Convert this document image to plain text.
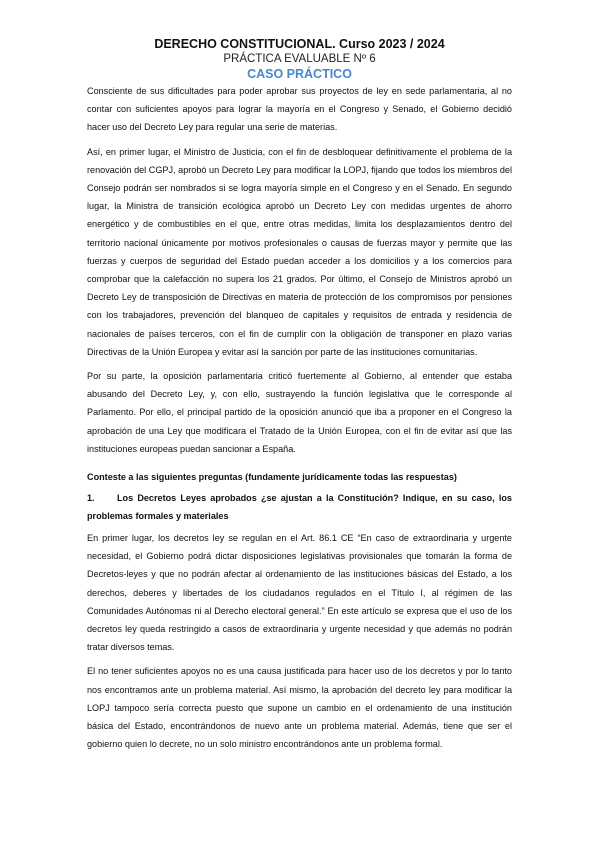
DERECHO CONSTITUCIONAL. Curso 2023 / 2024

PRÁCTICA EVALUABLE Nº 6

CASO PRÁCTICO

Consciente de sus dificultades para poder aprobar sus proyectos de ley en sede parlamentaria, al no contar con suficientes apoyos para lograr la mayoría en el Congreso y Senado, el Gobierno decidió hacer uso del Decreto Ley para regular una serie de materias.

Así, en primer lugar, el Ministro de Justicia, con el fin de desbloquear definitivamente el problema de la renovación del CGPJ, aprobó un Decreto Ley para modificar la LOPJ, fijando que todos los miembros del Consejo podrán ser nombrados si se logra mayoría simple en el Congreso y en el Senado. En segundo lugar, la Ministra de transición ecológica aprobó un Decreto Ley con medidas urgentes de ahorro energético y de combustibles en el que, entre otras medidas, limita los desplazamientos dentro del territorio nacional únicamente por motivos profesionales o causas de fuerzas mayor y permite que las fuerzas y cuerpos de seguridad del Estado puedan acceder a los domicilios y a los comercios para comprobar que la calefacción no supera los 21 grados. Por último, el Consejo de Ministros aprobó un Decreto Ley de transposición de Directivas en materia de protección de los compromisos por pensiones con los trabajadores, prevención del blanqueo de capitales y requisitos de entrada y residencia de nacionales de países terceros, con el fin de cumplir con la obligación de transponer en plazo varias Directivas de la Unión Europea y evitar así la sanción por parte de las instituciones comunitarias.

Por su parte, la oposición parlamentaria criticó fuertemente al Gobierno, al entender que estaba abusando del Decreto Ley, y, con ello, sustrayendo la función legislativa que le corresponde al Parlamento. Por ello, el principal partido de la oposición anunció que iba a proponer en el Congreso la aprobación de una Ley que modificara el Tratado de la Unión Europea, con el fin de evitar así que las instituciones europeas puedan sancionar a España.

Conteste a las siguientes preguntas (fundamente jurídicamente todas las respuestas)

1. Los Decretos Leyes aprobados ¿se ajustan a la Constitución? Indique, en su caso, los problemas formales y materiales

En primer lugar, los decretos ley se regulan en el Art. 86.1 CE “En caso de extraordinaria y urgente necesidad, el Gobierno podrá dictar disposiciones legislativas provisionales que tomarán la forma de Decretos-leyes y que no podrán afectar al ordenamiento de las instituciones básicas del Estado, a los derechos, deberes y libertades de los ciudadanos regulados en el Título I, al régimen de las Comunidades Autónomas ni al Derecho electoral general.” En este artículo se expresa que el uso de los decretos ley queda restringido a casos de extraordinaria y urgente necesidad y que además no podrán tratar diversos temas.

El no tener suficientes apoyos no es una causa justificada para hacer uso de los decretos y por lo tanto nos encontramos ante un problema material. Así mismo, la aprobación del decreto ley para modificar la LOPJ tampoco sería correcta puesto que supone un cambio en el ordenamiento de una institución básica del Estado, encontrándonos de nuevo ante un problema material. Además, tiene que ser el gobierno quien lo decrete, no un solo ministro encontrándonos ante un problema formal.
